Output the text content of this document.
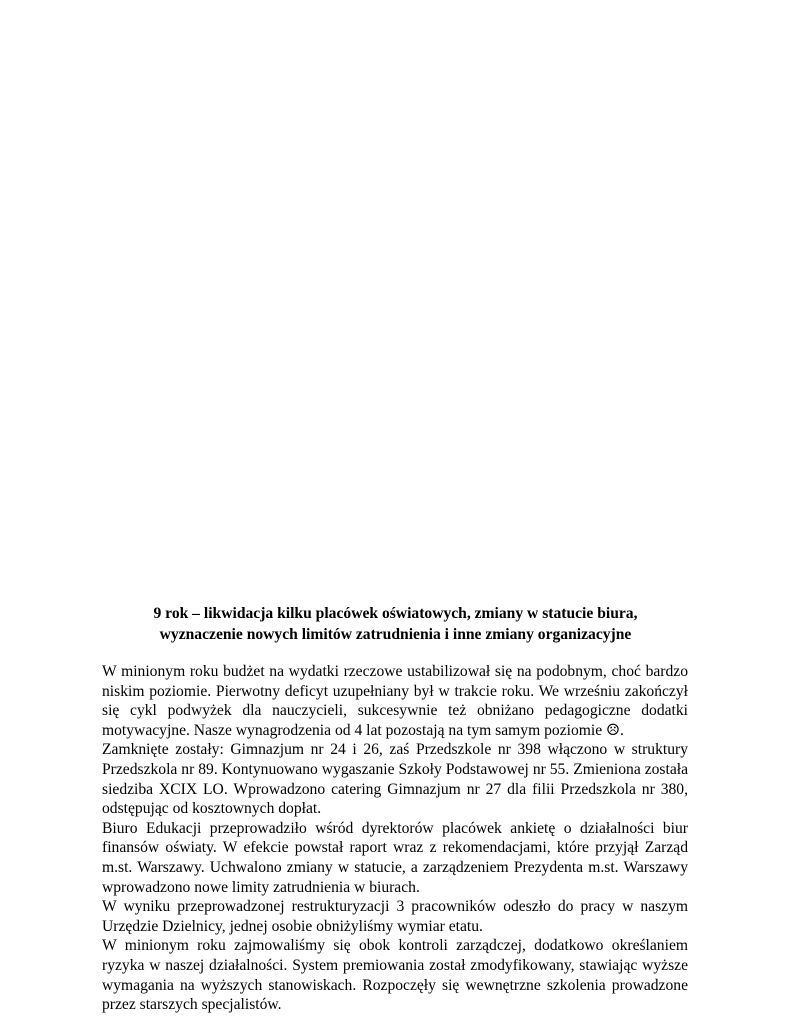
9 rok – likwidacja kilku placówek oświatowych, zmiany w statucie biura,
wyznaczenie nowych limitów zatrudnienia i inne zmiany organizacyjne

W minionym roku budżet na wydatki rzeczowe ustabilizował się na podobnym, choć bardzo niskim poziomie. Pierwotny deficyt uzupełniany był w trakcie roku. We wrześniu zakończył się cykl podwyżek dla nauczycieli, sukcesywnie też obniżano pedagogiczne dodatki motywacyjne. Nasze wynagrodzenia od 4 lat pozostają na tym samym poziomie ☹.

Zamknięte zostały: Gimnazjum nr 24 i 26, zaś Przedszkole nr 398 włączono w struktury Przedszkola nr 89. Kontynuowano wygaszanie Szkoły Podstawowej nr 55. Zmieniona została siedziba XCIX LO. Wprowadzono catering Gimnazjum nr 27 dla filii Przedszkola nr 380, odstępując od kosztownych dopłat.

Biuro Edukacji przeprowadziło wśród dyrektorów placówek ankietę o działalności biur finansów oświaty. W efekcie powstał raport wraz z rekomendacjami, które przyjął Zarząd m.st. Warszawy. Uchwalono zmiany w statucie, a zarządzeniem Prezydenta m.st. Warszawy wprowadzono nowe limity zatrudnienia w biurach.

W wyniku przeprowadzonej restrukturyzacji 3 pracowników odeszło do pracy w naszym Urzędzie Dzielnicy, jednej osobie obniżyliśmy wymiar etatu.

W minionym roku zajmowaliśmy się obok kontroli zarządczej, dodatkowo określaniem ryzyka w naszej działalności. System premiowania został zmodyfikowany, stawiając wyższe wymagania na wyższych stanowiskach. Rozpoczęły się wewnętrzne szkolenia prowadzone przez starszych specjalistów.
